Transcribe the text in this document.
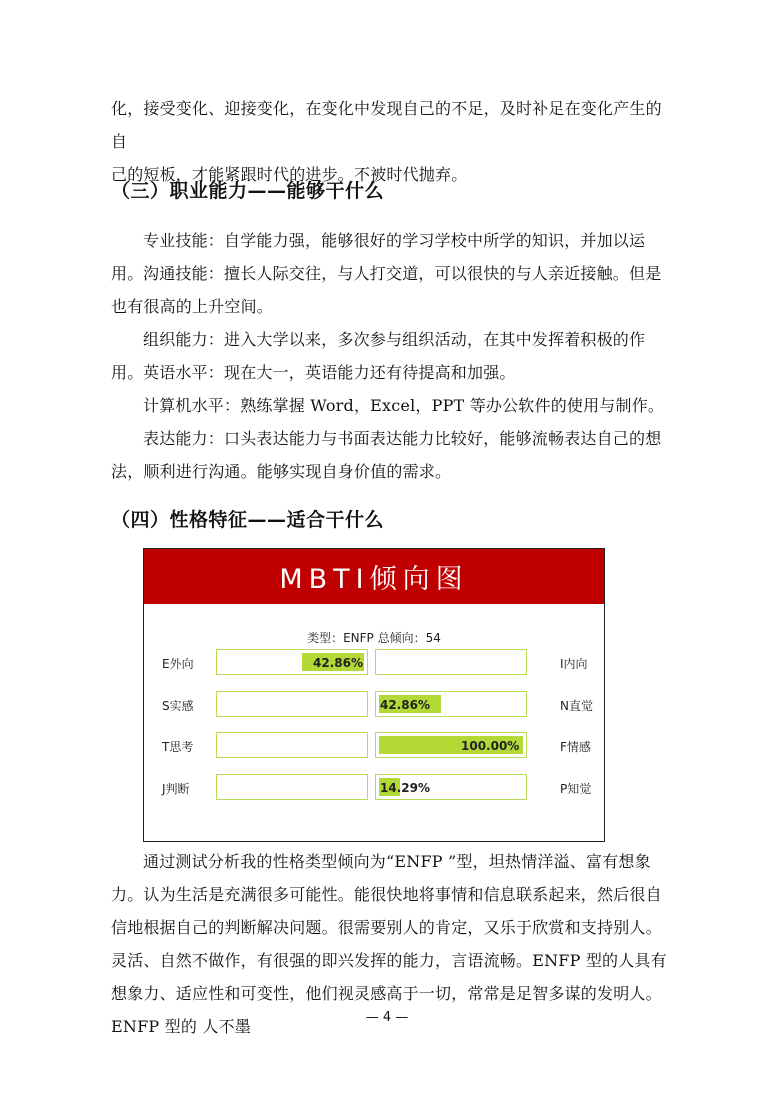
化，接受变化、迎接变化，在变化中发现自己的不足，及时补足在变化产生的自
己的短板，才能紧跟时代的进步。不被时代抛弃。

（三）职业能力——能够干什么

专业技能：自学能力强，能够很好的学习学校中所学的知识，并加以运用。 沟通技能：擅长人际交往，与人打交道，可以很快的与人亲近接触。但是也有很高的上升空间。

组织能力：进入大学以来，多次参与组织活动，在其中发挥着积极的作用。 英语水平：现在大一，英语能力还有待提高和加强。

计算机水平：熟练掌握 Word，Excel，PPT 等办公软件的使用与制作。

表达能力：口头表达能力与书面表达能力比较好，能够流畅表达自己的想法，顺利进行沟通。能够实现自身价值的需求。

（四）性格特征——适合干什么
MBTI倾向图
类型：ENFP 总倾向：54
E外向	42.86%	I内向
S实感	42.86%	N直觉
T思考	100.00%	F情感
J判断	14.29%	P知觉

通过测试分析我的性格类型倾向为“ENFP ”型，坦热情洋溢、富有想象力。认为生活是充满很多可能性。能很快地将事情和信息联系起来，然后很自信地根据自己的判断解决问题。很需要别人的肯定，又乐于欣赏和支持别人。灵活、自然不做作，有很强的即兴发挥的能力，言语流畅。ENFP 型的人具有想象力、适应性和可变性，他们视灵感高于一切，常常是足智多谋的发明人。ENFP 型的 人不墨	— 4 —
